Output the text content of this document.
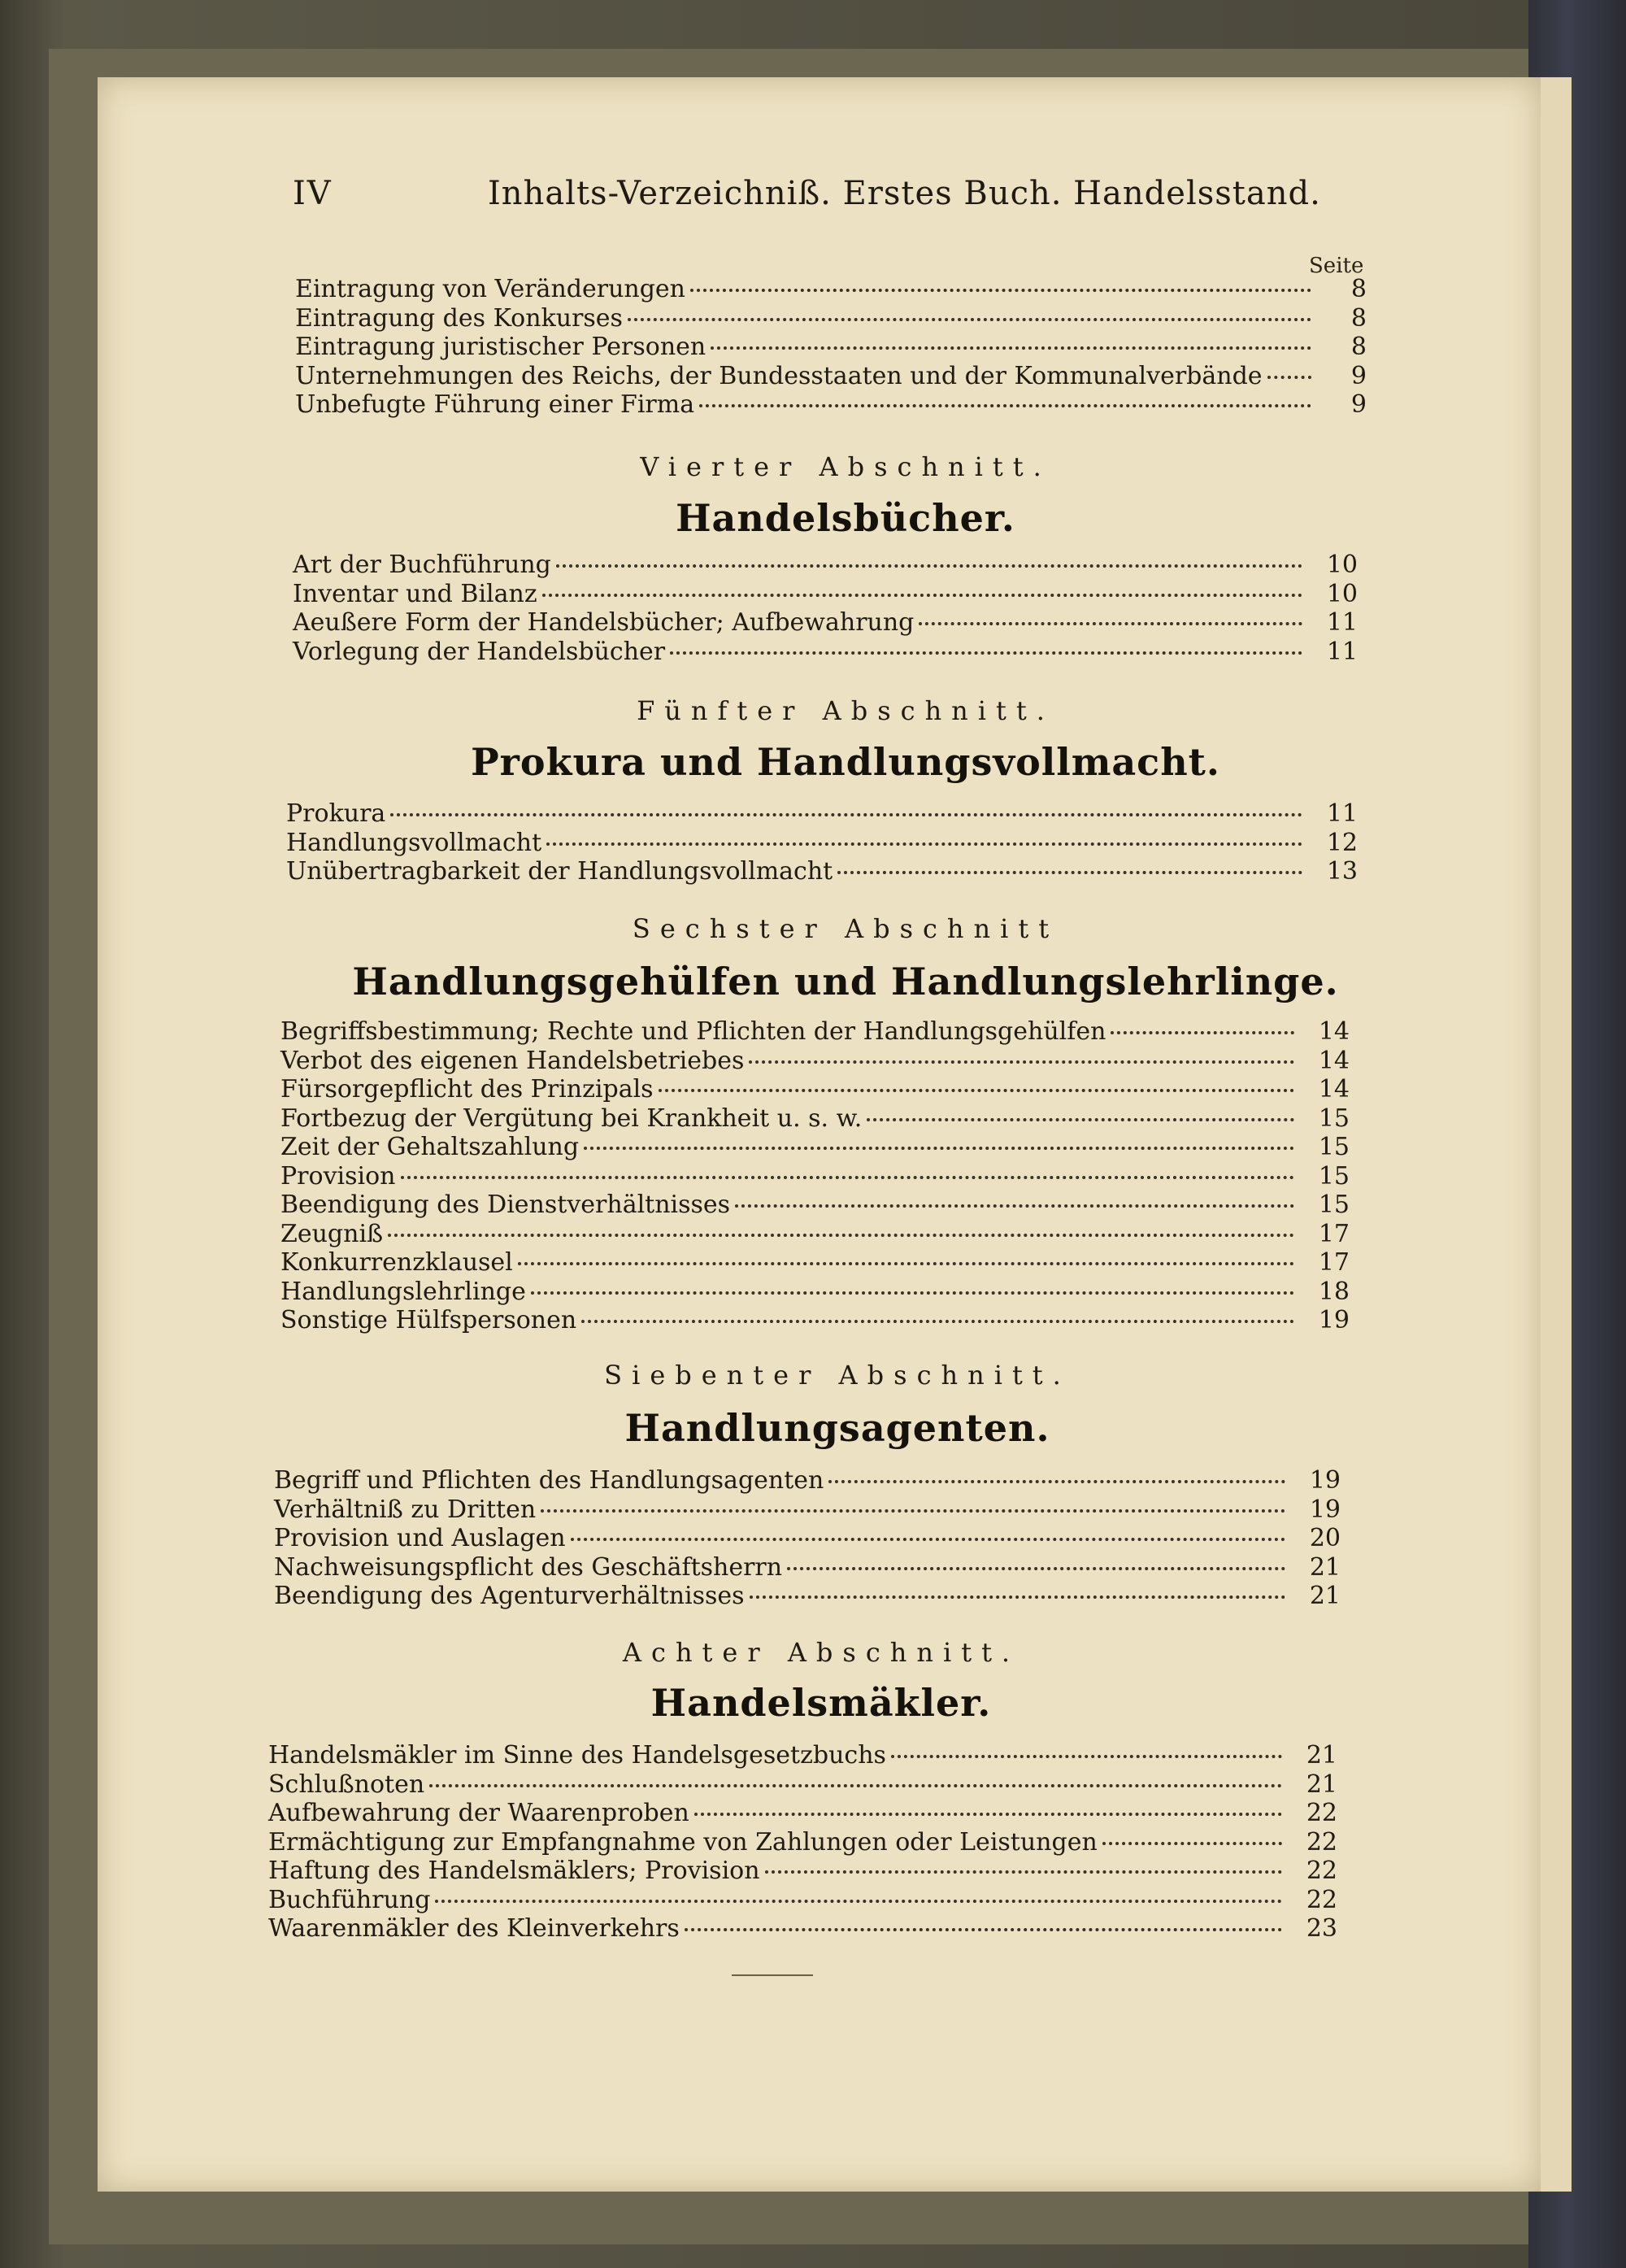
IV	Inhalts-Verzeichniß. Erstes Buch. Handelsstand.
Seite
Eintragung von Veränderungen	8
Eintragung des Konkurses	8
Eintragung juristischer Personen	8
Unternehmungen des Reichs, der Bundesstaaten und der Kommunalverbände	9
Unbefugte Führung einer Firma	9
Vierter Abschnitt.
Handelsbücher.
Art der Buchführung	10
Inventar und Bilanz	10
Aeußere Form der Handelsbücher; Aufbewahrung	11
Vorlegung der Handelsbücher	11
Fünfter Abschnitt.
Prokura und Handlungsvollmacht.
Prokura	11
Handlungsvollmacht	12
Unübertragbarkeit der Handlungsvollmacht	13
Sechster Abschnitt
Handlungsgehülfen und Handlungslehrlinge.
Begriffsbestimmung; Rechte und Pflichten der Handlungsgehülfen	14
Verbot des eigenen Handelsbetriebes	14
Fürsorgepflicht des Prinzipals	14
Fortbezug der Vergütung bei Krankheit u. s. w.	15
Zeit der Gehaltszahlung	15
Provision	15
Beendigung des Dienstverhältnisses	15
Zeugniß	17
Konkurrenzklausel	17
Handlungslehrlinge	18
Sonstige Hülfspersonen	19
Siebenter Abschnitt.
Handlungsagenten.
Begriff und Pflichten des Handlungsagenten	19
Verhältniß zu Dritten	19
Provision und Auslagen	20
Nachweisungspflicht des Geschäftsherrn	21
Beendigung des Agenturverhältnisses	21
Achter Abschnitt.
Handelsmäkler.
Handelsmäkler im Sinne des Handelsgesetzbuchs	21
Schlußnoten	21
Aufbewahrung der Waarenproben	22
Ermächtigung zur Empfangnahme von Zahlungen oder Leistungen	22
Haftung des Handelsmäklers; Provision	22
Buchführung	22
Waarenmäkler des Kleinverkehrs	23
